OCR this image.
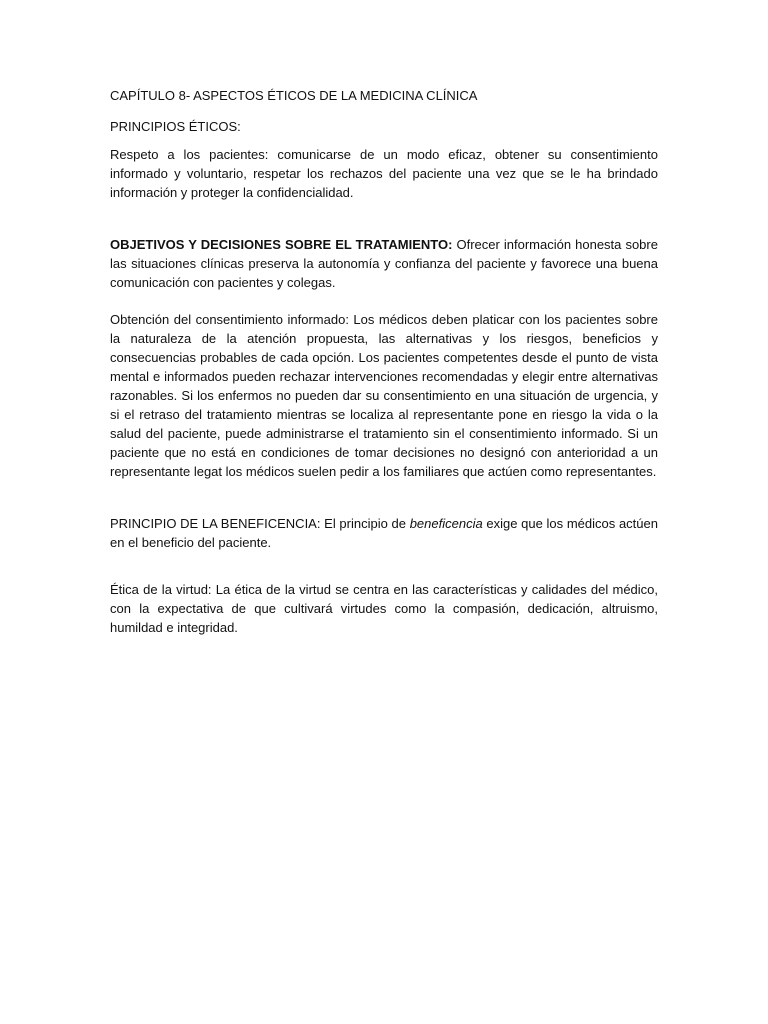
CAPÍTULO 8- ASPECTOS ÉTICOS DE LA MEDICINA CLÍNICA

PRINCIPIOS ÉTICOS:

Respeto a los pacientes: comunicarse de un modo eficaz, obtener su consentimiento informado y voluntario, respetar los rechazos del paciente una vez que se le ha brindado información y proteger la confidencialidad.

OBJETIVOS Y DECISIONES SOBRE EL TRATAMIENTO: Ofrecer información honesta sobre las situaciones clínicas preserva la autonomía y confianza del paciente y favorece una buena comunicación con pacientes y colegas.

Obtención del consentimiento informado: Los médicos deben platicar con los pacientes sobre la naturaleza de la atención propuesta, las alternativas y los riesgos, beneficios y consecuencias probables de cada opción. Los pacientes competentes desde el punto de vista mental e informados pueden rechazar intervenciones recomendadas y elegir entre alternativas razonables. Si los enfermos no pueden dar su consentimiento en una situación de urgencia, y si el retraso del tratamiento mientras se localiza al representante pone en riesgo la vida o la salud del paciente, puede administrarse el tratamiento sin el consentimiento informado. Si un paciente que no está en condiciones de tomar decisiones no designó con anterioridad a un representante legat los médicos suelen pedir a los familiares que actúen como representantes.

PRINCIPIO DE LA BENEFICENCIA: El principio de beneficencia exige que los médicos actúen en el beneficio del paciente.

Ética de la virtud: La ética de la virtud se centra en las características y calidades del médico, con la expectativa de que cultivará virtudes como la compasión, dedicación, altruismo, humildad e integridad.
